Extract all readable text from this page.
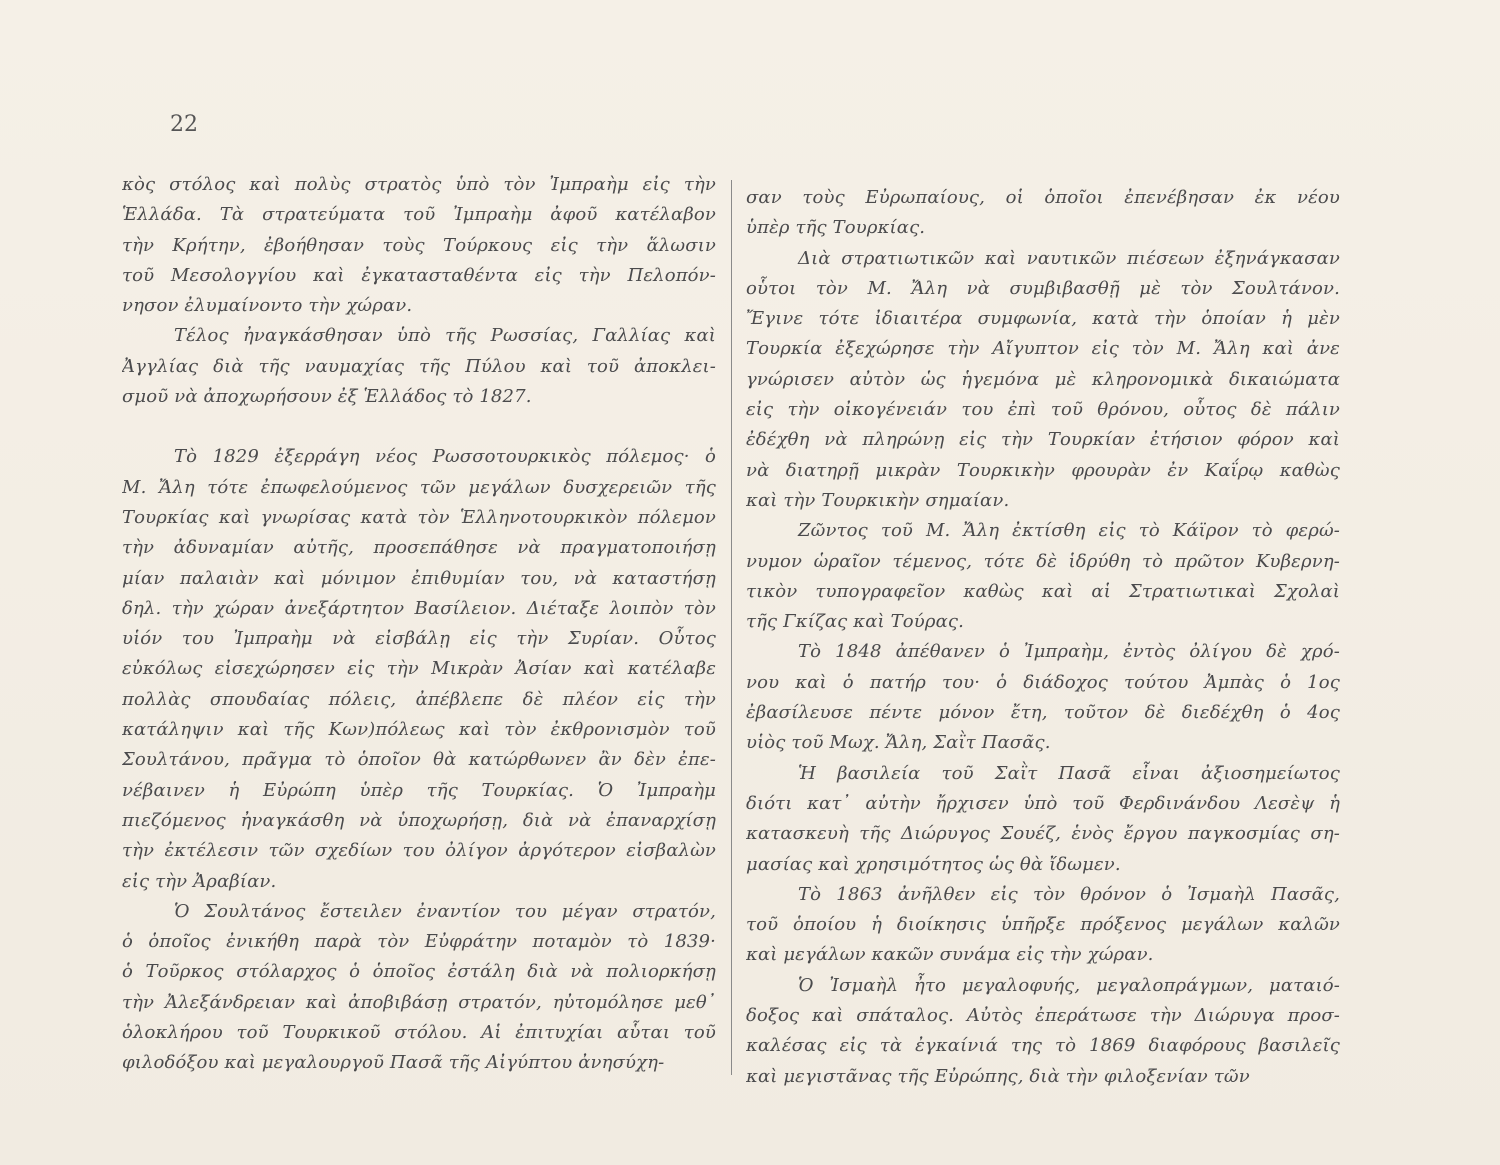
22
κὸς στόλος καὶ πολὺς στρατὸς ὑπὸ τὸν Ἰμπραὴμ εἰς τὴν
Ἑλλάδα. Τὰ στρατεύματα τοῦ Ἰμπραὴμ ἀφοῦ κατέλαβον
τὴν Κρήτην, ἐβοήθησαν τοὺς Τούρκους εἰς τὴν ἅλωσιν
τοῦ Μεσολογγίου καὶ ἐγκατασταθέντα εἰς τὴν Πελοπόν-
νησον ἐλυμαίνοντο τὴν χώραν.
Τέλος ἠναγκάσθησαν ὑπὸ τῆς Ρωσσίας, Γαλλίας καὶ
Ἀγγλίας διὰ τῆς ναυμαχίας τῆς Πύλου καὶ τοῦ ἀποκλει-
σμοῦ νὰ ἀποχωρήσουν ἐξ Ἑλλάδος τὸ 1827.
Τὸ 1829 ἐξερράγη νέος Ρωσσοτουρκικὸς πόλεμος· ὁ
Μ. Ἄλη τότε ἐπωφελούμενος τῶν μεγάλων δυσχερειῶν τῆς
Τουρκίας καὶ γνωρίσας κατὰ τὸν Ἑλληνοτουρκικὸν πόλεμον
τὴν ἀδυναμίαν αὐτῆς, προσεπάθησε νὰ πραγματοποιήσῃ
μίαν παλαιὰν καὶ μόνιμον ἐπιθυμίαν του, νὰ καταστήσῃ
δηλ. τὴν χώραν ἀνεξάρτητον Βασίλειον. Διέταξε λοιπὸν τὸν
υἱόν του Ἰμπραὴμ νὰ εἰσβάλῃ εἰς τὴν Συρίαν. Οὗτος
εὐκόλως εἰσεχώρησεν εἰς τὴν Μικρὰν Ἀσίαν καὶ κατέλαβε
πολλὰς σπουδαίας πόλεις, ἀπέβλεπε δὲ πλέον εἰς τὴν
κατάληψιν καὶ τῆς Κων)πόλεως καὶ τὸν ἐκθρονισμὸν τοῦ
Σουλτάνου, πρᾶγμα τὸ ὁποῖον θὰ κατώρθωνεν ἂν δὲν ἐπε-
νέβαινεν ἡ Εὐρώπη ὑπὲρ τῆς Τουρκίας. Ὁ Ἰμπραὴμ
πιεζόμενος ἠναγκάσθη νὰ ὑποχωρήσῃ, διὰ νὰ ἐπαναρχίσῃ
τὴν ἐκτέλεσιν τῶν σχεδίων του ὀλίγον ἀργότερον εἰσβαλὼν
εἰς τὴν Ἀραβίαν.
Ὁ Σουλτάνος ἔστειλεν ἐναντίον του μέγαν στρατόν,
ὁ ὁποῖος ἐνικήθη παρὰ τὸν Εὐφράτην ποταμὸν τὸ 1839·
ὁ Τοῦρκος στόλαρχος ὁ ὁποῖος ἐστάλη διὰ νὰ πολιορκήσῃ
τὴν Ἀλεξάνδρειαν καὶ ἀποβιβάσῃ στρατόν, ηὐτομόλησε μεθ᾽
ὁλοκλήρου τοῦ Τουρκικοῦ στόλου. Αἱ ἐπιτυχίαι αὗται τοῦ
φιλοδόξου καὶ μεγαλουργοῦ Πασᾶ τῆς Αἰγύπτου ἀνησύχη-
σαν τοὺς Εὐρωπαίους, οἱ ὁποῖοι ἐπενέβησαν ἐκ νέου
ὑπὲρ τῆς Τουρκίας.
Διὰ στρατιωτικῶν καὶ ναυτικῶν πιέσεων ἐξηνάγκασαν
οὗτοι τὸν Μ. Ἄλη νὰ συμβιβασθῇ μὲ τὸν Σουλτάνον.
Ἔγινε τότε ἰδιαιτέρα συμφωνία, κατὰ τὴν ὁποίαν ἡ μὲν
Τουρκία ἐξεχώρησε τὴν Αἴγυπτον εἰς τὸν Μ. Ἄλη καὶ ἀνε
γνώρισεν αὐτὸν ὡς ἡγεμόνα μὲ κληρονομικὰ δικαιώματα
εἰς τὴν οἰκογένειάν του ἐπὶ τοῦ θρόνου, οὗτος δὲ πάλιν
ἐδέχθη νὰ πληρώνῃ εἰς τὴν Τουρκίαν ἐτήσιον φόρον καὶ
νὰ διατηρῇ μικρὰν Τουρκικὴν φρουρὰν ἐν Καΐρῳ καθὼς
καὶ τὴν Τουρκικὴν σημαίαν.
Ζῶντος τοῦ Μ. Ἄλη ἐκτίσθη εἰς τὸ Κάϊρον τὸ φερώ-
νυμον ὡραῖον τέμενος, τότε δὲ ἱδρύθη τὸ πρῶτον Κυβερνη-
τικὸν τυπογραφεῖον καθὼς καὶ αἱ Στρατιωτικαὶ Σχολαὶ
τῆς Γκίζας καὶ Τούρας.
Τὸ 1848 ἀπέθανεν ὁ Ἰμπραὴμ, ἐντὸς ὀλίγου δὲ χρό-
νου καὶ ὁ πατήρ του· ὁ διάδοχος τούτου Ἀμπὰς ὁ 1ος
ἐβασίλευσε πέντε μόνον ἔτη, τοῦτον δὲ διεδέχθη ὁ 4ος
υἱὸς τοῦ Μωχ. Ἄλη, Σαῒτ Πασᾶς.
Ἡ βασιλεία τοῦ Σαῒτ Πασᾶ εἶναι ἀξιοσημείωτος
διότι κατ᾽ αὐτὴν ἤρχισεν ὑπὸ τοῦ Φερδινάνδου Λεσὲψ ἡ
κατασκευὴ τῆς Διώρυγος Σουέζ, ἑνὸς ἔργου παγκοσμίας ση-
μασίας καὶ χρησιμότητος ὡς θὰ ἴδωμεν.
Τὸ 1863 ἀνῆλθεν εἰς τὸν θρόνον ὁ Ἰσμαὴλ Πασᾶς,
τοῦ ὁποίου ἡ διοίκησις ὑπῆρξε πρόξενος μεγάλων καλῶν
καὶ μεγάλων κακῶν συνάμα εἰς τὴν χώραν.
Ὁ Ἰσμαὴλ ἦτο μεγαλοφυής, μεγαλοπράγμων, ματαιό-
δοξος καὶ σπάταλος. Αὐτὸς ἐπεράτωσε τὴν Διώρυγα προσ-
καλέσας εἰς τὰ ἐγκαίνιά της τὸ 1869 διαφόρους βασιλεῖς
καὶ μεγιστᾶνας τῆς Εὐρώπης, διὰ τὴν φιλοξενίαν τῶν
